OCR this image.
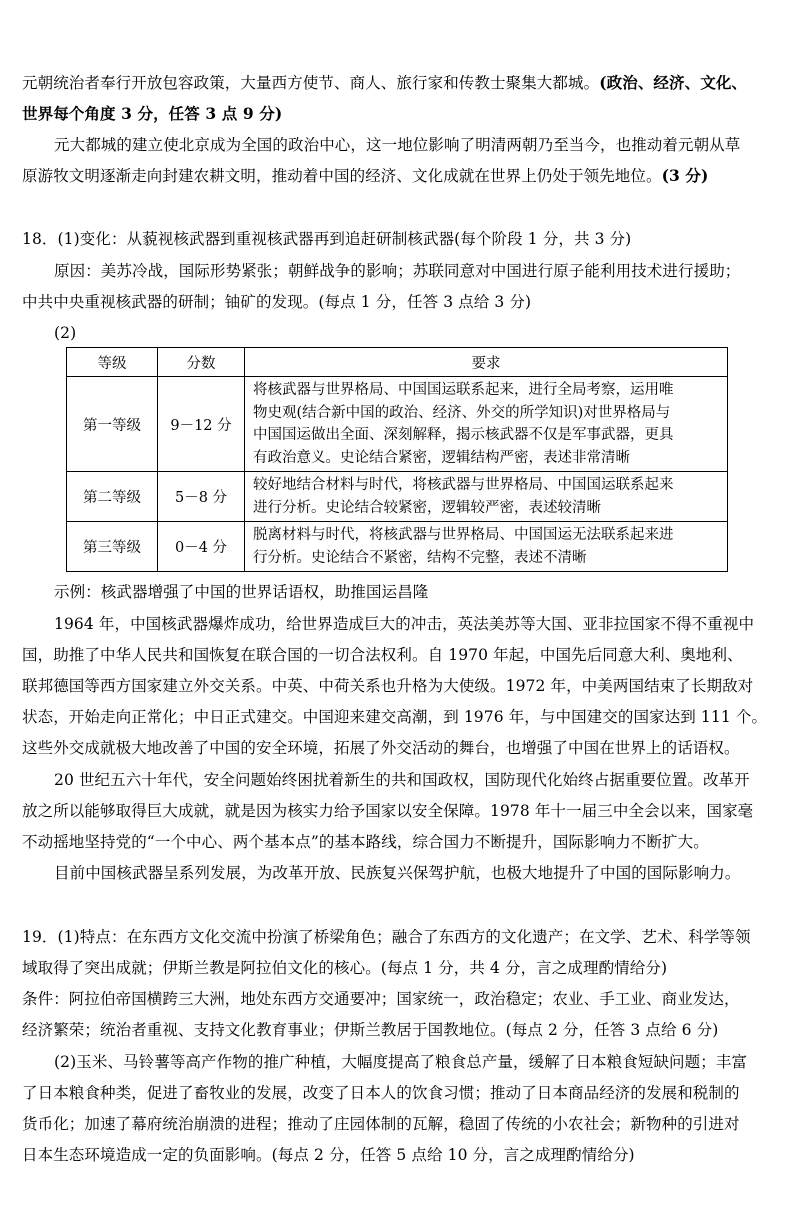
元朝统治者奉行开放包容政策，大量西方使节、商人、旅行家和传教士聚集大都城。(政治、经济、文化、
世界每个角度 3 分，任答 3 点 9 分)
元大都城的建立使北京成为全国的政治中心，这一地位影响了明清两朝乃至当今，也推动着元朝从草
原游牧文明逐渐走向封建农耕文明，推动着中国的经济、文化成就在世界上仍处于领先地位。(3 分)
18．(1)变化：从藐视核武器到重视核武器再到追赶研制核武器(每个阶段 1 分，共 3 分)
原因：美苏冷战，国际形势紧张；朝鲜战争的影响；苏联同意对中国进行原子能利用技术进行援助；
中共中央重视核武器的研制；铀矿的发现。(每点 1 分，任答 3 点给 3 分)
(2)
等级	分数	要求
第一等级	9－12 分	将核武器与世界格局、中国国运联系起来，进行全局考察，运用唯
物史观(结合新中国的政治、经济、外交的所学知识)对世界格局与
中国国运做出全面、深刻解释，揭示核武器不仅是军事武器，更具
有政治意义。史论结合紧密，逻辑结构严密，表述非常清晰

第二等级	5－8 分	较好地结合材料与时代，将核武器与世界格局、中国国运联系起来
进行分析。史论结合较紧密，逻辑较严密，表述较清晰

第三等级	0－4 分	脱离材料与时代，将核武器与世界格局、中国国运无法联系起来进
行分析。史论结合不紧密，结构不完整，表述不清晰
示例：核武器增强了中国的世界话语权，助推国运昌隆
1964 年，中国核武器爆炸成功，给世界造成巨大的冲击，英法美苏等大国、亚非拉国家不得不重视中
国，助推了中华人民共和国恢复在联合国的一切合法权利。自 1970 年起，中国先后同意大利、奥地利、
联邦德国等西方国家建立外交关系。中英、中荷关系也升格为大使级。1972 年，中美两国结束了长期敌对
状态，开始走向正常化；中日正式建交。中国迎来建交高潮，到 1976 年，与中国建交的国家达到 111 个。
这些外交成就极大地改善了中国的安全环境，拓展了外交活动的舞台，也增强了中国在世界上的话语权。
20 世纪五六十年代，安全问题始终困扰着新生的共和国政权，国防现代化始终占据重要位置。改革开
放之所以能够取得巨大成就，就是因为核实力给予国家以安全保障。1978 年十一届三中全会以来，国家毫
不动摇地坚持党的“一个中心、两个基本点”的基本路线，综合国力不断提升，国际影响力不断扩大。
目前中国核武器呈系列发展，为改革开放、民族复兴保驾护航，也极大地提升了中国的国际影响力。
19．(1)特点：在东西方文化交流中扮演了桥梁角色；融合了东西方的文化遗产；在文学、艺术、科学等领
域取得了突出成就；伊斯兰教是阿拉伯文化的核心。(每点 1 分，共 4 分，言之成理酌情给分)
条件：阿拉伯帝国横跨三大洲，地处东西方交通要冲；国家统一，政治稳定；农业、手工业、商业发达，
经济繁荣；统治者重视、支持文化教育事业；伊斯兰教居于国教地位。(每点 2 分，任答 3 点给 6 分)
(2)玉米、马铃薯等高产作物的推广种植，大幅度提高了粮食总产量，缓解了日本粮食短缺问题；丰富
了日本粮食种类，促进了畜牧业的发展，改变了日本人的饮食习惯；推动了日本商品经济的发展和税制的
货币化；加速了幕府统治崩溃的进程；推动了庄园体制的瓦解，稳固了传统的小农社会；新物种的引进对
日本生态环境造成一定的负面影响。(每点 2 分，任答 5 点给 10 分，言之成理酌情给分)
